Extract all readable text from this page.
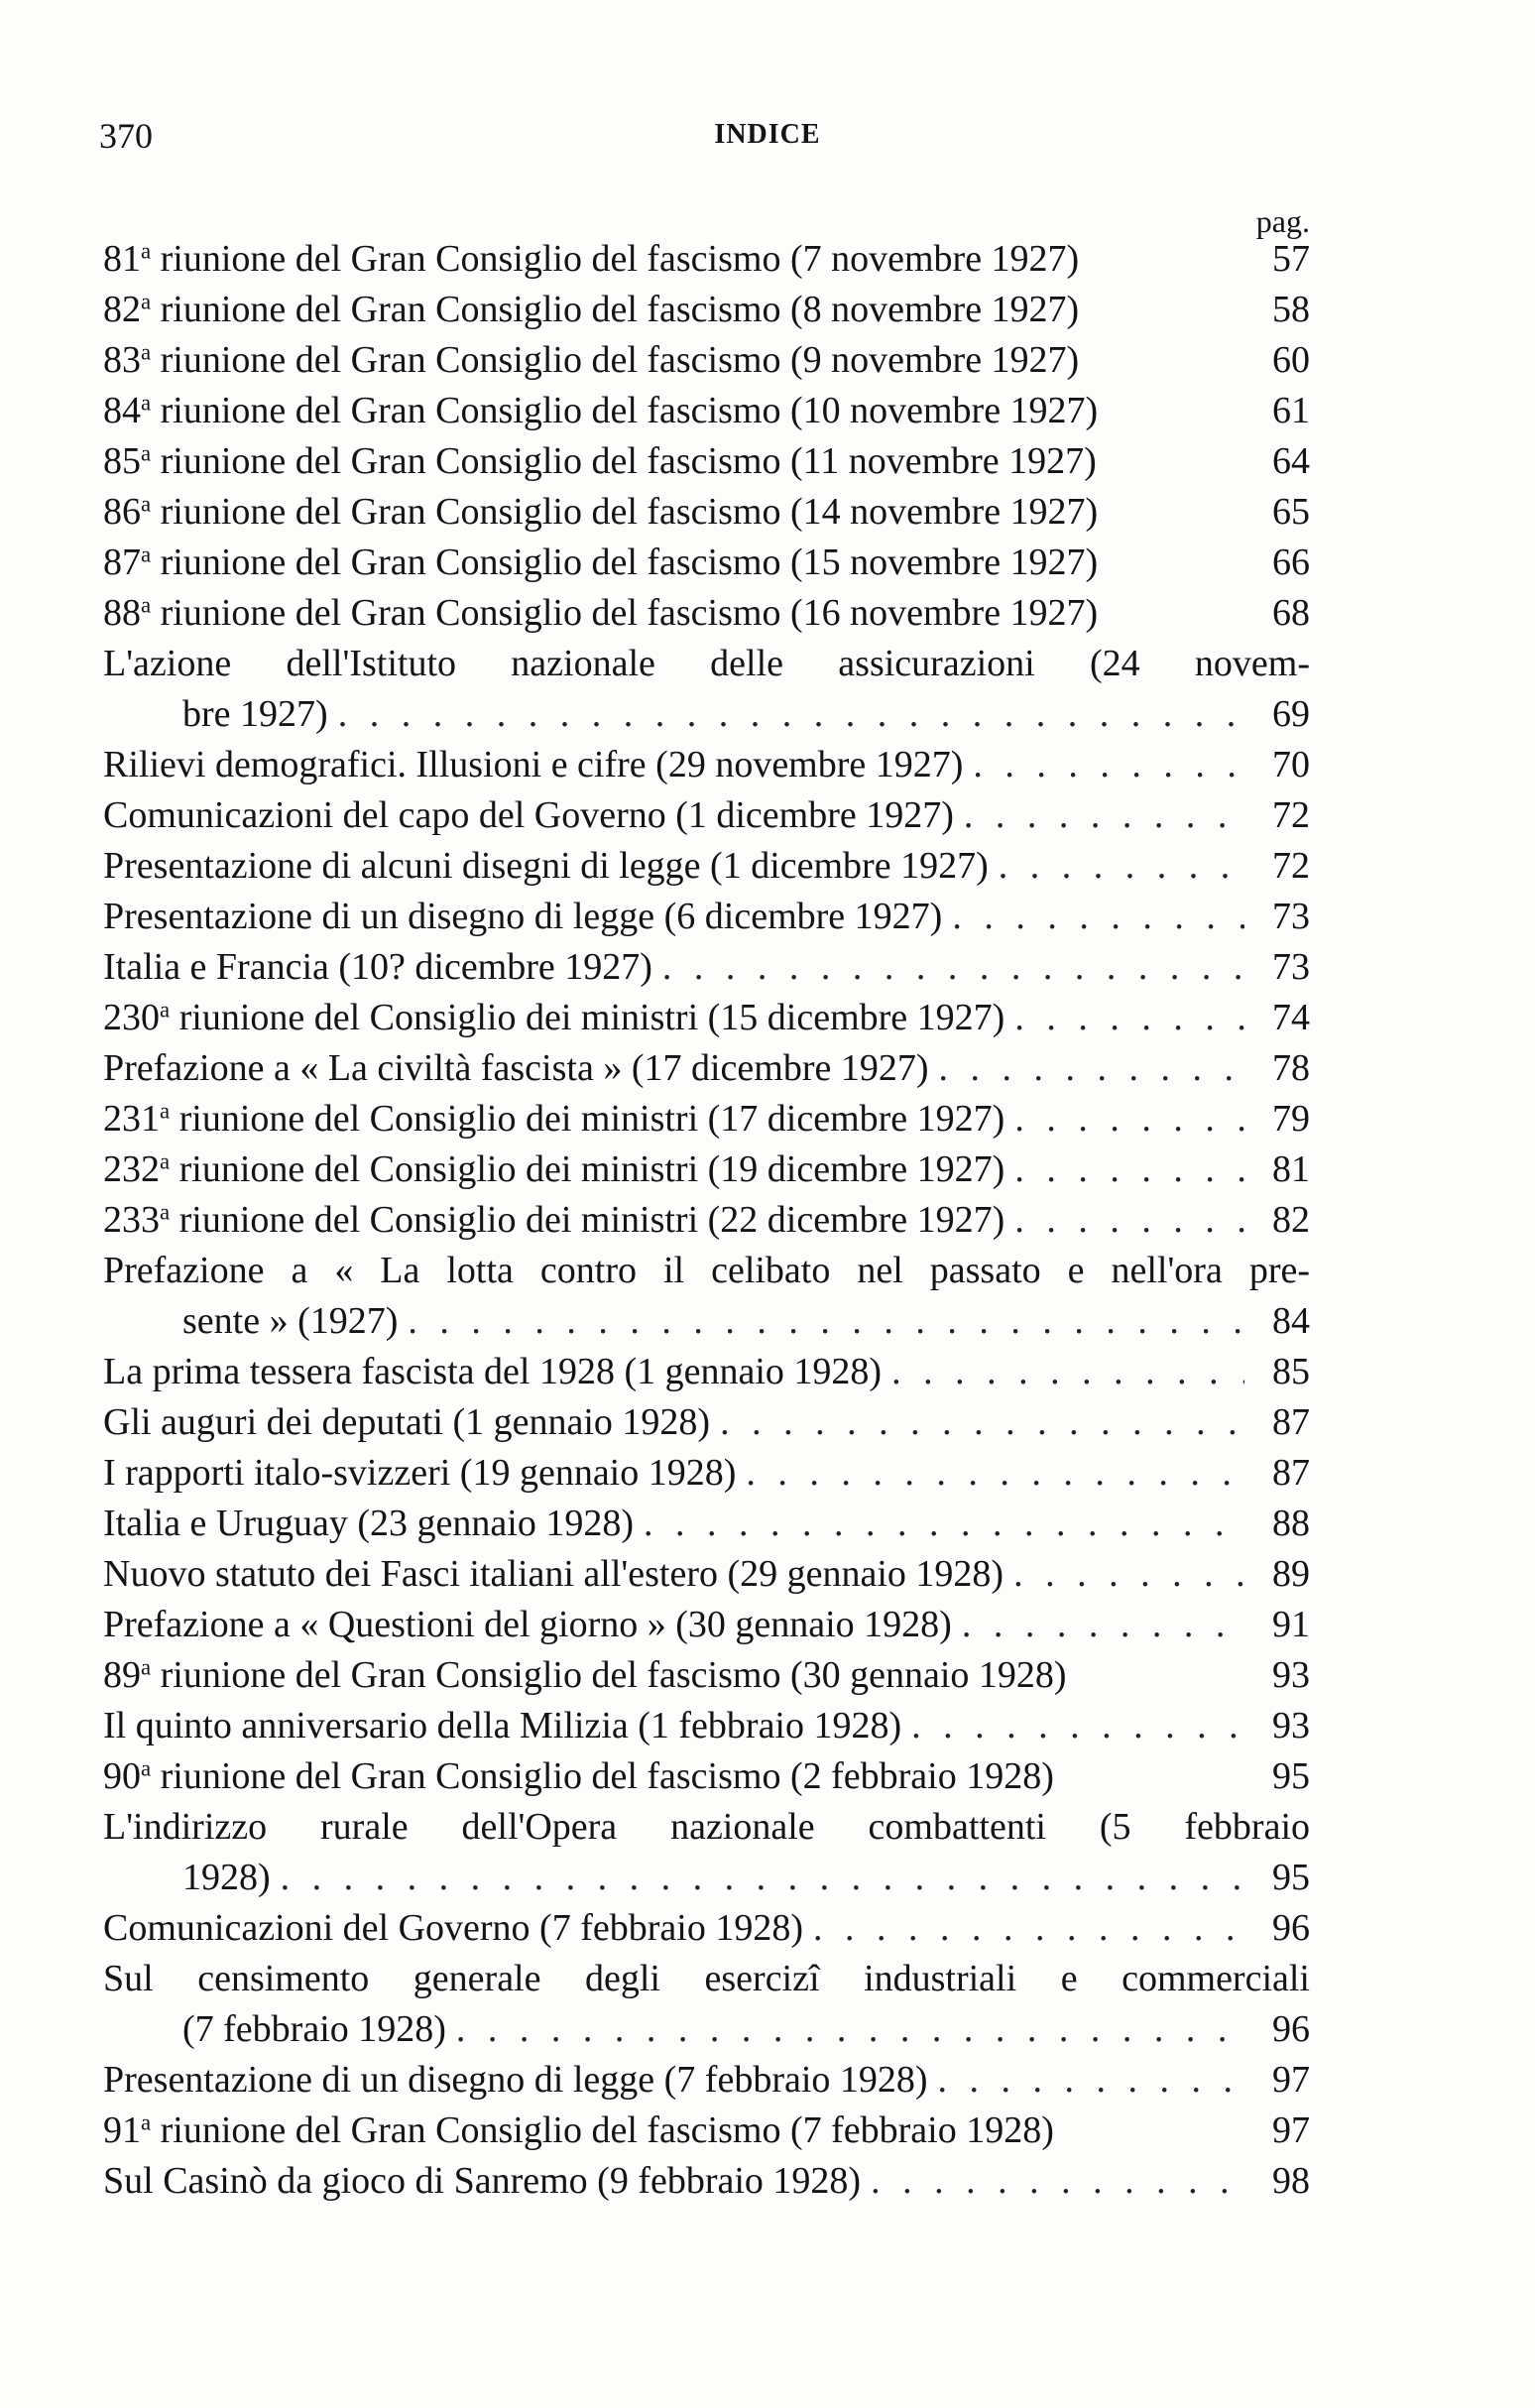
370	INDICE
pag.
81$^a$ riunione del Gran Consiglio del fascismo (7 novembre 1927)	57
82$^a$ riunione del Gran Consiglio del fascismo (8 novembre 1927)	58
83$^a$ riunione del Gran Consiglio del fascismo (9 novembre 1927)	60
84$^a$ riunione del Gran Consiglio del fascismo (10 novembre 1927)	61
85$^a$ riunione del Gran Consiglio del fascismo (11 novembre 1927)	64
86$^a$ riunione del Gran Consiglio del fascismo (14 novembre 1927)	65
87$^a$ riunione del Gran Consiglio del fascismo (15 novembre 1927)	66
88$^a$ riunione del Gran Consiglio del fascismo (16 novembre 1927)	68
L'azione dell'Istituto nazionale delle assicurazioni (24 novem-
bre 1927) . . .	69
Rilievi demografici. Illusioni e cifre (29 novembre 1927) . . .	70
Comunicazioni del capo del Governo (1 dicembre 1927) . . .	72
Presentazione di alcuni disegni di legge (1 dicembre 1927) . . .	72
Presentazione di un disegno di legge (6 dicembre 1927) . . .	73
Italia e Francia (10? dicembre 1927) . . .	73
230$^a$ riunione del Consiglio dei ministri (15 dicembre 1927) . . .	74
Prefazione a « La civiltà fascista » (17 dicembre 1927) . . .	78
231$^a$ riunione del Consiglio dei ministri (17 dicembre 1927) . . .	79
232$^a$ riunione del Consiglio dei ministri (19 dicembre 1927) . . .	81
233$^a$ riunione del Consiglio dei ministri (22 dicembre 1927) . . .	82
Prefazione a « La lotta contro il celibato nel passato e nell'ora pre-
sente » (1927) . . .	84
La prima tessera fascista del 1928 (1 gennaio 1928) . . .	85
Gli auguri dei deputati (1 gennaio 1928) . . .	87
I rapporti italo-svizzeri (19 gennaio 1928) . . .	87
Italia e Uruguay (23 gennaio 1928) . . .	88
Nuovo statuto dei Fasci italiani all'estero (29 gennaio 1928) . . .	89
Prefazione a « Questioni del giorno » (30 gennaio 1928) . . .	91
89$^a$ riunione del Gran Consiglio del fascismo (30 gennaio 1928)	93
Il quinto anniversario della Milizia (1 febbraio 1928) . . .	93
90$^a$ riunione del Gran Consiglio del fascismo (2 febbraio 1928)	95
L'indirizzo rurale dell'Opera nazionale combattenti (5 febbraio
1928) . . .	95
Comunicazioni del Governo (7 febbraio 1928) . . .	96
Sul censimento generale degli esercizî industriali e commerciali
(7 febbraio 1928) . . .	96
Presentazione di un disegno di legge (7 febbraio 1928) . . .	97
91$^a$ riunione del Gran Consiglio del fascismo (7 febbraio 1928)	97
Sul Casinò da gioco di Sanremo (9 febbraio 1928) . . .	98
